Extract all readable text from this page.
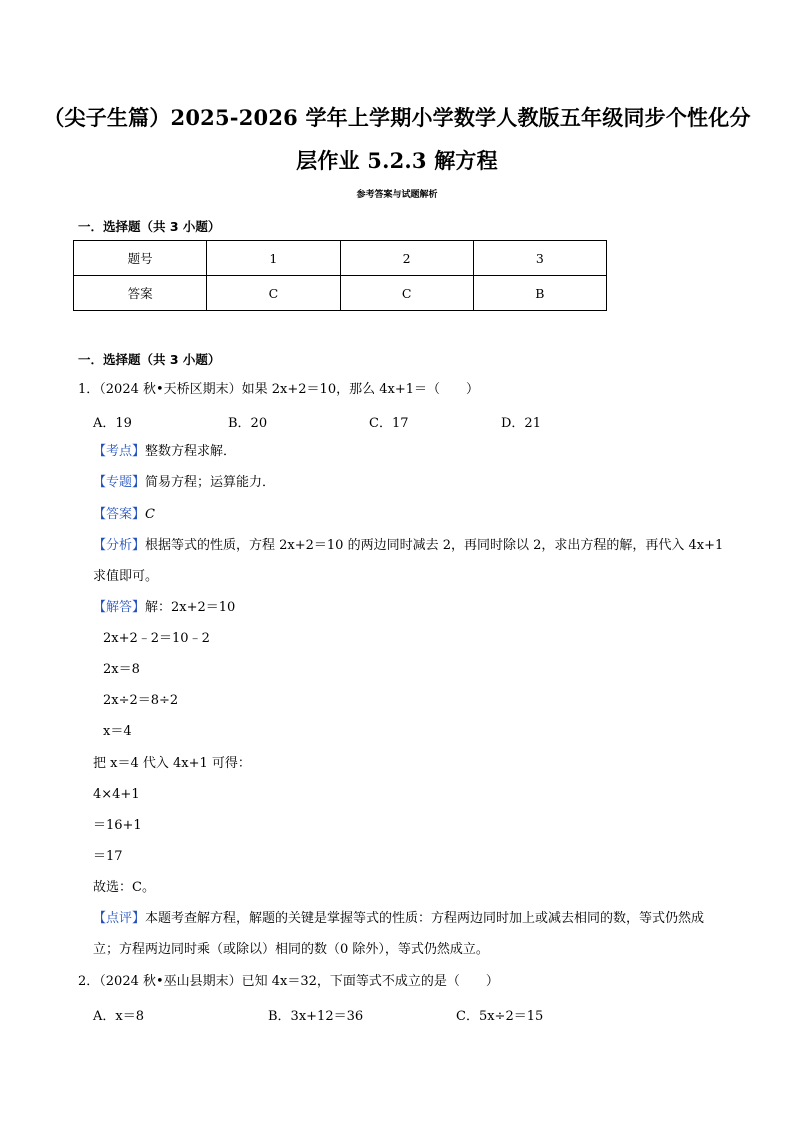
（尖子生篇）2025-2026 学年上学期小学数学人教版五年级同步个性化分
层作业 5.2.3 解方程
参考答案与试题解析
一．选择题（共 3 小题）
题号	1	2	3
答案	C	C	B
一．选择题（共 3 小题）
1．（2024 秋•天桥区期末）如果 2x+2＝10，那么 4x+1＝（　　）
A．19	B．20	C．17	D．21
【考点】整数方程求解．
【专题】简易方程；运算能力．
【答案】C
【分析】根据等式的性质，方程 2x+2＝10 的两边同时减去 2，再同时除以 2，求出方程的解，再代入 4x+1 求值即可。
【解答】解：2x+2＝10
2x+2﹣2＝10﹣2
2x＝8
2x÷2＝8÷2
x＝4
把 x＝4 代入 4x+1 可得：
4×4+1
＝16+1
＝17
故选：C。
【点评】本题考查解方程，解题的关键是掌握等式的性质：方程两边同时加上或减去相同的数，等式仍然成立；方程两边同时乘（或除以）相同的数（0 除外），等式仍然成立。
2．（2024 秋•巫山县期末）已知 4x＝32，下面等式不成立的是（　　）
A．x＝8	B．3x+12＝36	C．5x÷2＝15
